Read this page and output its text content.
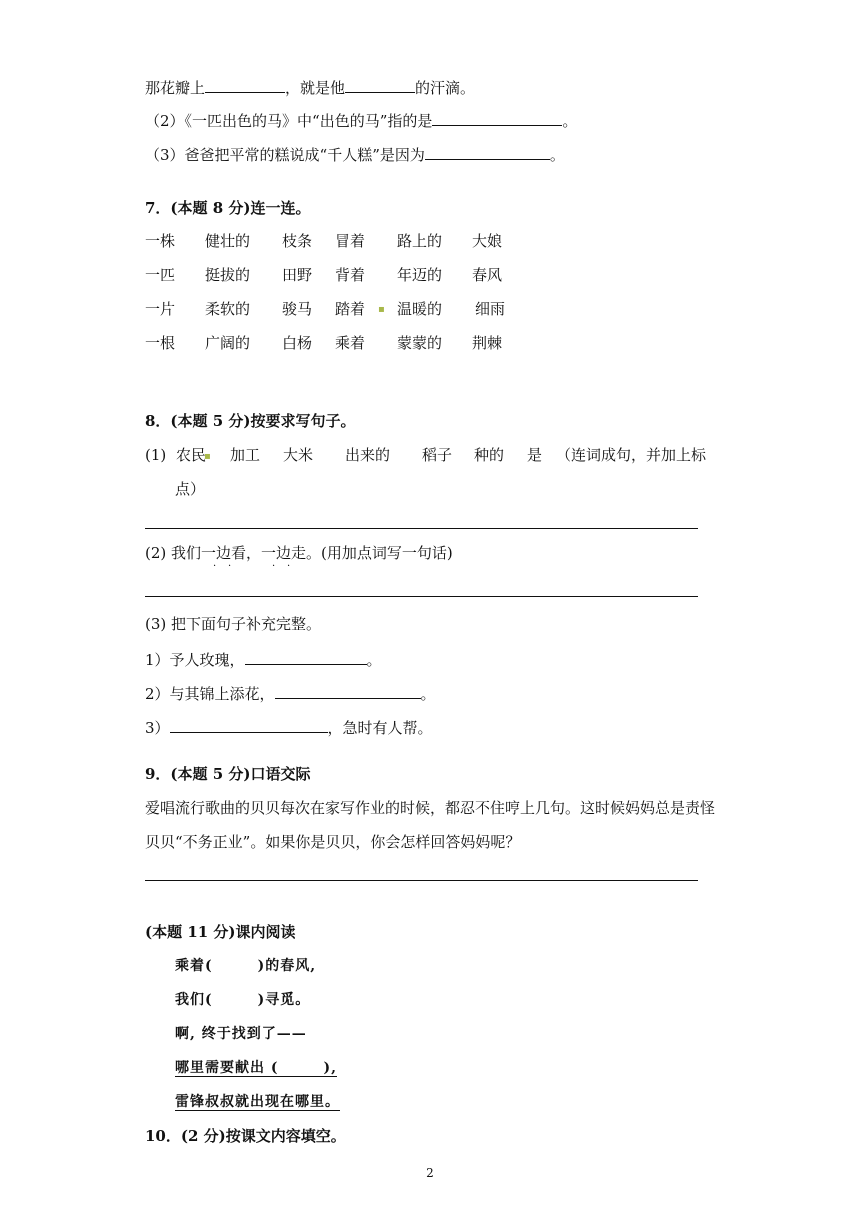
那花瓣上	，就是他	的汗滴。
（2）《一匹出色的马》中“出色的马”指的是	。
（3）爸爸把平常的糕说成“千人糕”是因为	。
7．(本题 8 分)连一连。
一株 健壮的 枝条 冒着 路上的 大娘
一匹 挺拔的 田野 背着 年迈的 春风
一片 柔软的 骏马 踏着 ▪ 温暖的 细雨
一根 广阔的 白杨 乘着 蒙蒙的 荆棘
8．(本题 5 分)按要求写句子。
(1) 农民
▪ 加工 大米 出来的 稻子 种的 是 （连词成句，并加上标
点）
(2) 我们一边看，一边走。(用加点词写一句话)
· ·	· ·
(3) 把下面句子补充完整。
1）予人玫瑰，	。
2）与其锦上添花，	。
3）	，急时有人帮。
9．(本题 5 分)口语交际
爱唱流行歌曲的贝贝每次在家写作业的时候，都忍不住哼上几句。这时候妈妈总是责怪
贝贝“不务正业”。如果你是贝贝，你会怎样回答妈妈呢？
(本题 11 分)课内阅读
乘着(　　　)的春风,
我们(　　　)寻觅。
啊, 终于找到了——
哪里需要献出 (　　　),
雷锋叔叔就出现在哪里。
10．(2 分)按课文内容填空。
2
